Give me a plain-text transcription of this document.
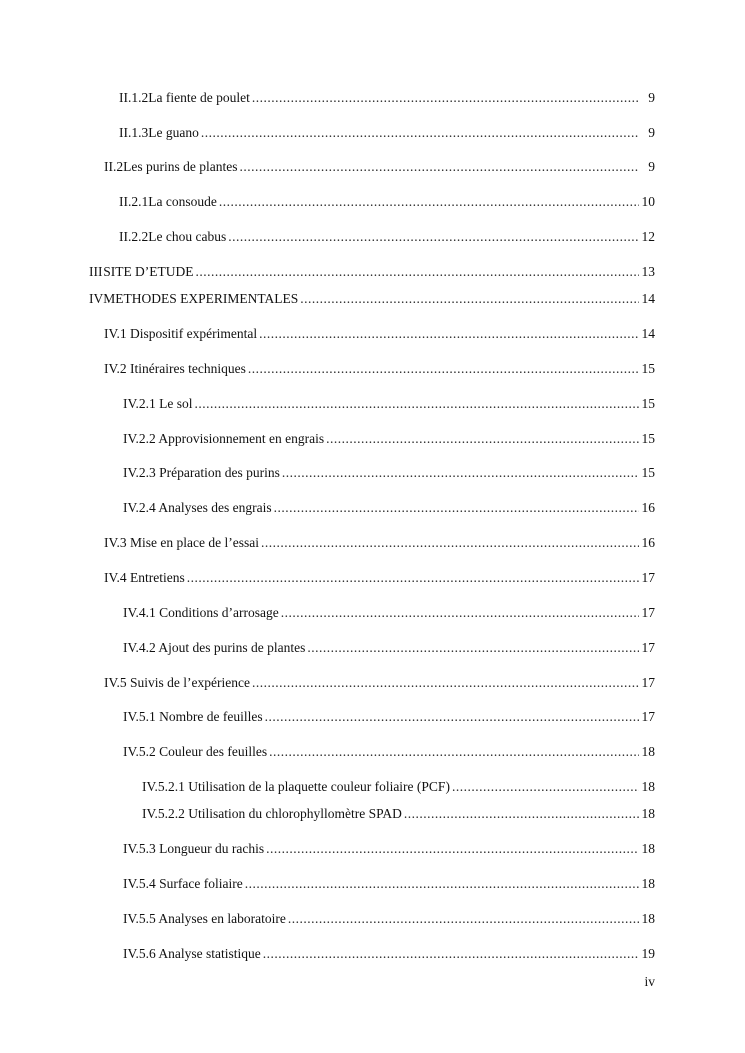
II.1.2 La fiente de poulet .....	9
II.1.3 Le guano .....	9
II.2 Les purins de plantes .....	9
II.2.1 La consoude .....	10
II.2.2 Le chou cabus .....	12
III SITE D’ETUDE .....	13
IV METHODES EXPERIMENTALES .....	14
IV.1 Dispositif expérimental .....	14
IV.2 Itinéraires techniques .....	15
IV.2.1 Le sol .....	15
IV.2.2 Approvisionnement en engrais .....	15
IV.2.3 Préparation des purins .....	15
IV.2.4 Analyses des engrais .....	16
IV.3 Mise en place de l’essai .....	16
IV.4 Entretiens .....	17
IV.4.1 Conditions d’arrosage .....	17
IV.4.2 Ajout des purins de plantes .....	17
IV.5 Suivis de l’expérience .....	17
IV.5.1 Nombre de feuilles .....	17
IV.5.2 Couleur des feuilles .....	18
IV.5.2.1 Utilisation de la plaquette couleur foliaire (PCF) .....	18
IV.5.2.2 Utilisation du chlorophyllomètre SPAD .....	18
IV.5.3 Longueur du rachis .....	18
IV.5.4 Surface foliaire .....	18
IV.5.5 Analyses en laboratoire .....	18
IV.5.6 Analyse statistique .....	19
iv
